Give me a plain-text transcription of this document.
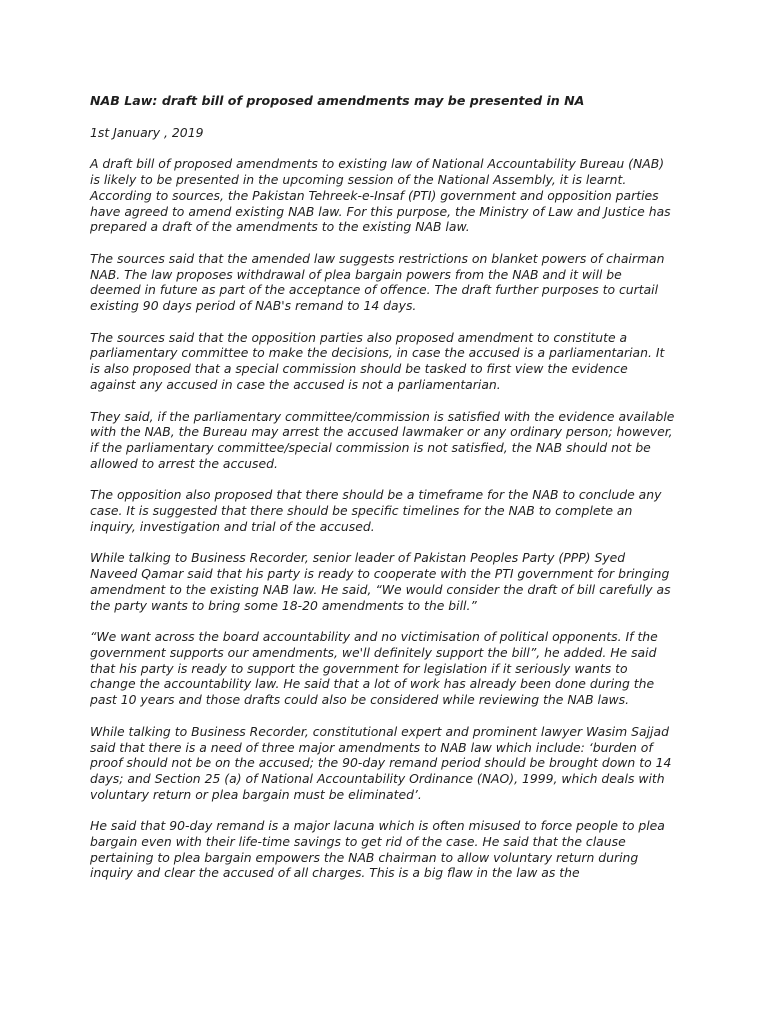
NAB Law: draft bill of proposed amendments may be presented in NA
1st January , 2019

A draft bill of proposed amendments to existing law of National Accountability Bureau (NAB) is likely to be presented in the upcoming session of the National Assembly, it is learnt. According to sources, the Pakistan Tehreek-e-Insaf (PTI) government and opposition parties have agreed to amend existing NAB law. For this purpose, the Ministry of Law and Justice has prepared a draft of the amendments to the existing NAB law.

The sources said that the amended law suggests restrictions on blanket powers of chairman NAB. The law proposes withdrawal of plea bargain powers from the NAB and it will be deemed in future as part of the acceptance of offence. The draft further purposes to curtail existing 90 days period of NAB's remand to 14 days.

The sources said that the opposition parties also proposed amendment to constitute a parliamentary committee to make the decisions, in case the accused is a parliamentarian. It is also proposed that a special commission should be tasked to first view the evidence against any accused in case the accused is not a parliamentarian.

They said, if the parliamentary committee/commission is satisfied with the evidence available with the NAB, the Bureau may arrest the accused lawmaker or any ordinary person; however, if the parliamentary committee/special commission is not satisfied, the NAB should not be allowed to arrest the accused.

The opposition also proposed that there should be a timeframe for the NAB to conclude any case. It is suggested that there should be specific timelines for the NAB to complete an inquiry, investigation and trial of the accused.

While talking to Business Recorder, senior leader of Pakistan Peoples Party (PPP) Syed Naveed Qamar said that his party is ready to cooperate with the PTI government for bringing amendment to the existing NAB law. He said, “We would consider the draft of bill carefully as the party wants to bring some 18-20 amendments to the bill.”

“We want across the board accountability and no victimisation of political opponents. If the government supports our amendments, we'll definitely support the bill”, he added. He said that his party is ready to support the government for legislation if it seriously wants to change the accountability law. He said that a lot of work has already been done during the past 10 years and those drafts could also be considered while reviewing the NAB laws.

While talking to Business Recorder, constitutional expert and prominent lawyer Wasim Sajjad said that there is a need of three major amendments to NAB law which include: ‘burden of proof should not be on the accused; the 90-day remand period should be brought down to 14 days; and Section 25 (a) of National Accountability Ordinance (NAO), 1999, which deals with voluntary return or plea bargain must be eliminated’.

He said that 90-day remand is a major lacuna which is often misused to force people to plea bargain even with their life-time savings to get rid of the case. He said that the clause pertaining to plea bargain empowers the NAB chairman to allow voluntary return during inquiry and clear the accused of all charges. This is a big flaw in the law as the
